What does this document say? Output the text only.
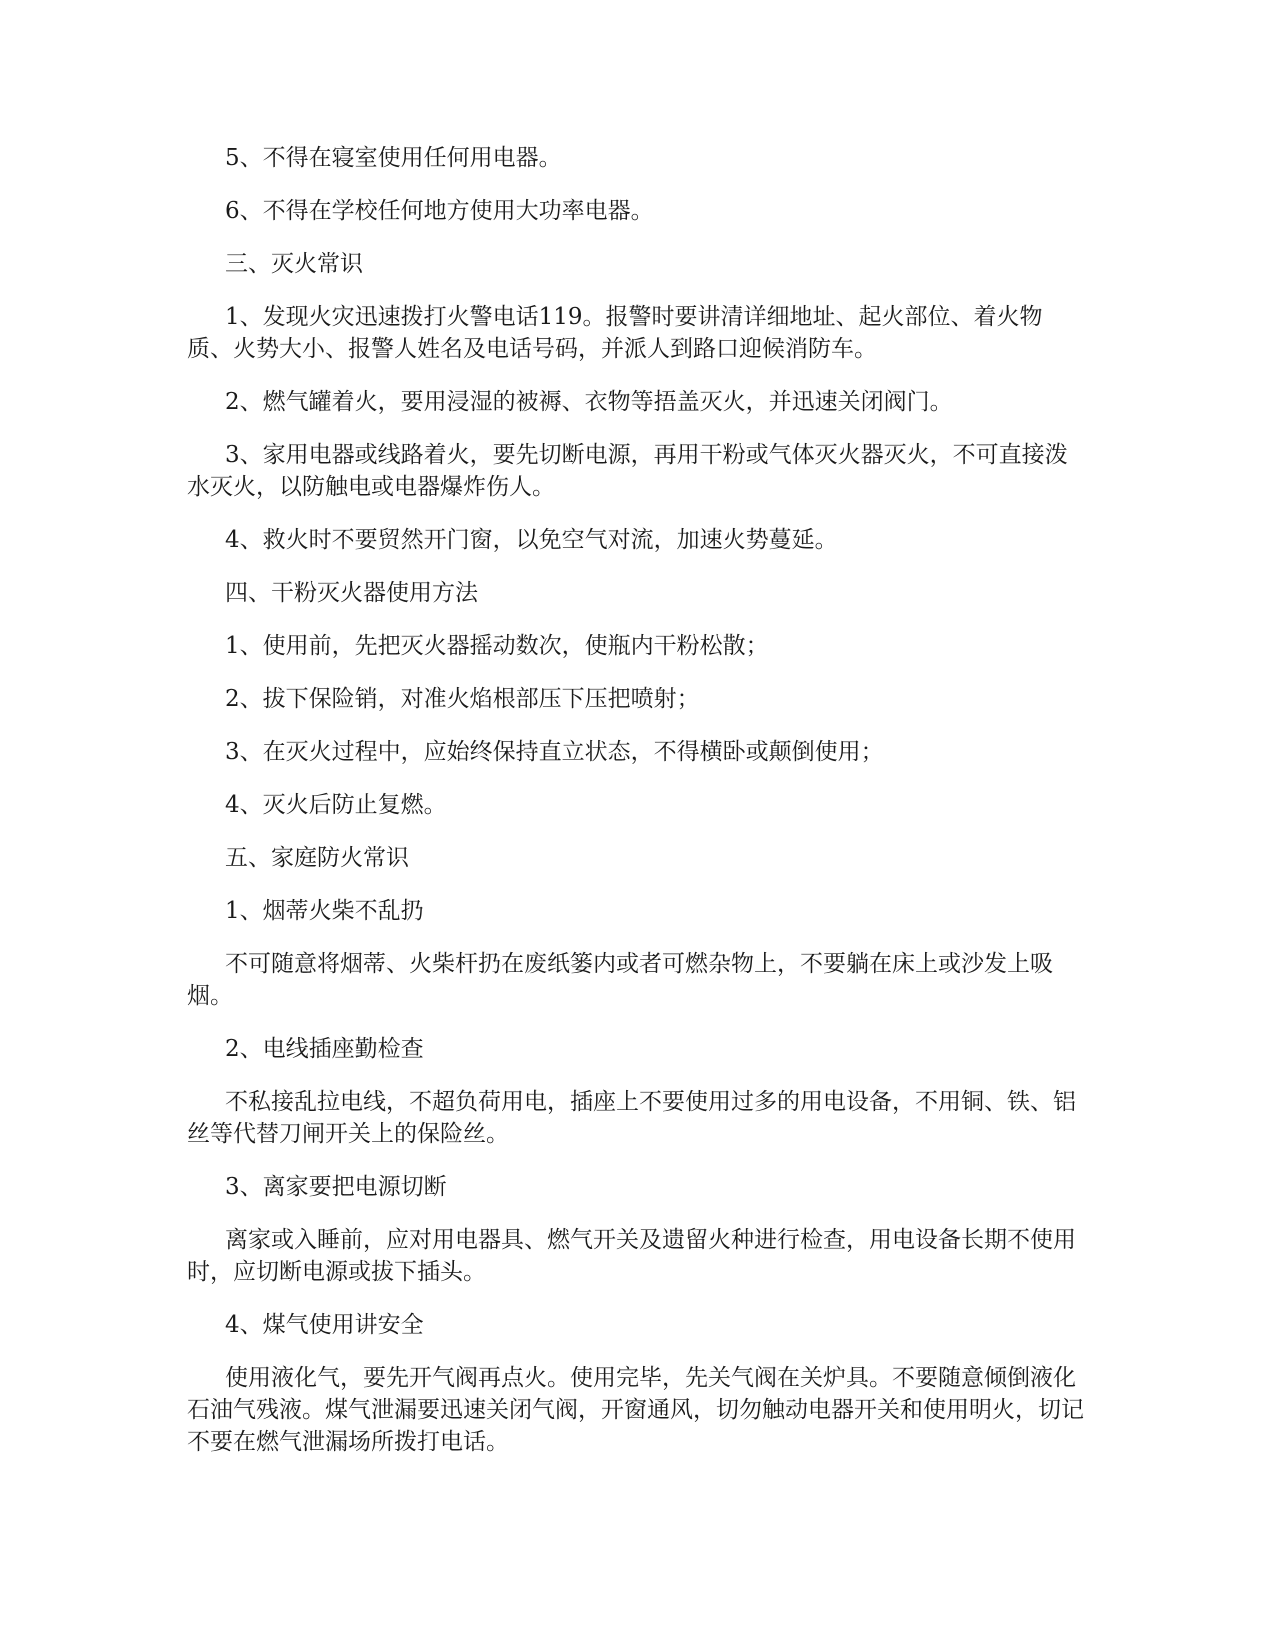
5、不得在寝室使用任何用电器。

6、不得在学校任何地方使用大功率电器。

三、灭火常识

1、发现火灾迅速拨打火警电话119。报警时要讲清详细地址、起火部位、着火物质、火势大小、报警人姓名及电话号码，并派人到路口迎候消防车。

2、燃气罐着火，要用浸湿的被褥、衣物等捂盖灭火，并迅速关闭阀门。

3、家用电器或线路着火，要先切断电源，再用干粉或气体灭火器灭火，不可直接泼水灭火，以防触电或电器爆炸伤人。

4、救火时不要贸然开门窗，以免空气对流，加速火势蔓延。

四、干粉灭火器使用方法

1、使用前，先把灭火器摇动数次，使瓶内干粉松散；

2、拔下保险销，对准火焰根部压下压把喷射；

3、在灭火过程中，应始终保持直立状态，不得横卧或颠倒使用；

4、灭火后防止复燃。

五、家庭防火常识

1、烟蒂火柴不乱扔

不可随意将烟蒂、火柴杆扔在废纸篓内或者可燃杂物上，不要躺在床上或沙发上吸烟。

2、电线插座勤检查

不私接乱拉电线，不超负荷用电，插座上不要使用过多的用电设备，不用铜、铁、铝丝等代替刀闸开关上的保险丝。

3、离家要把电源切断

离家或入睡前，应对用电器具、燃气开关及遗留火种进行检查，用电设备长期不使用时，应切断电源或拔下插头。

4、煤气使用讲安全

使用液化气，要先开气阀再点火。使用完毕，先关气阀在关炉具。不要随意倾倒液化石油气残液。煤气泄漏要迅速关闭气阀，开窗通风，切勿触动电器开关和使用明火，切记不要在燃气泄漏场所拨打电话。
